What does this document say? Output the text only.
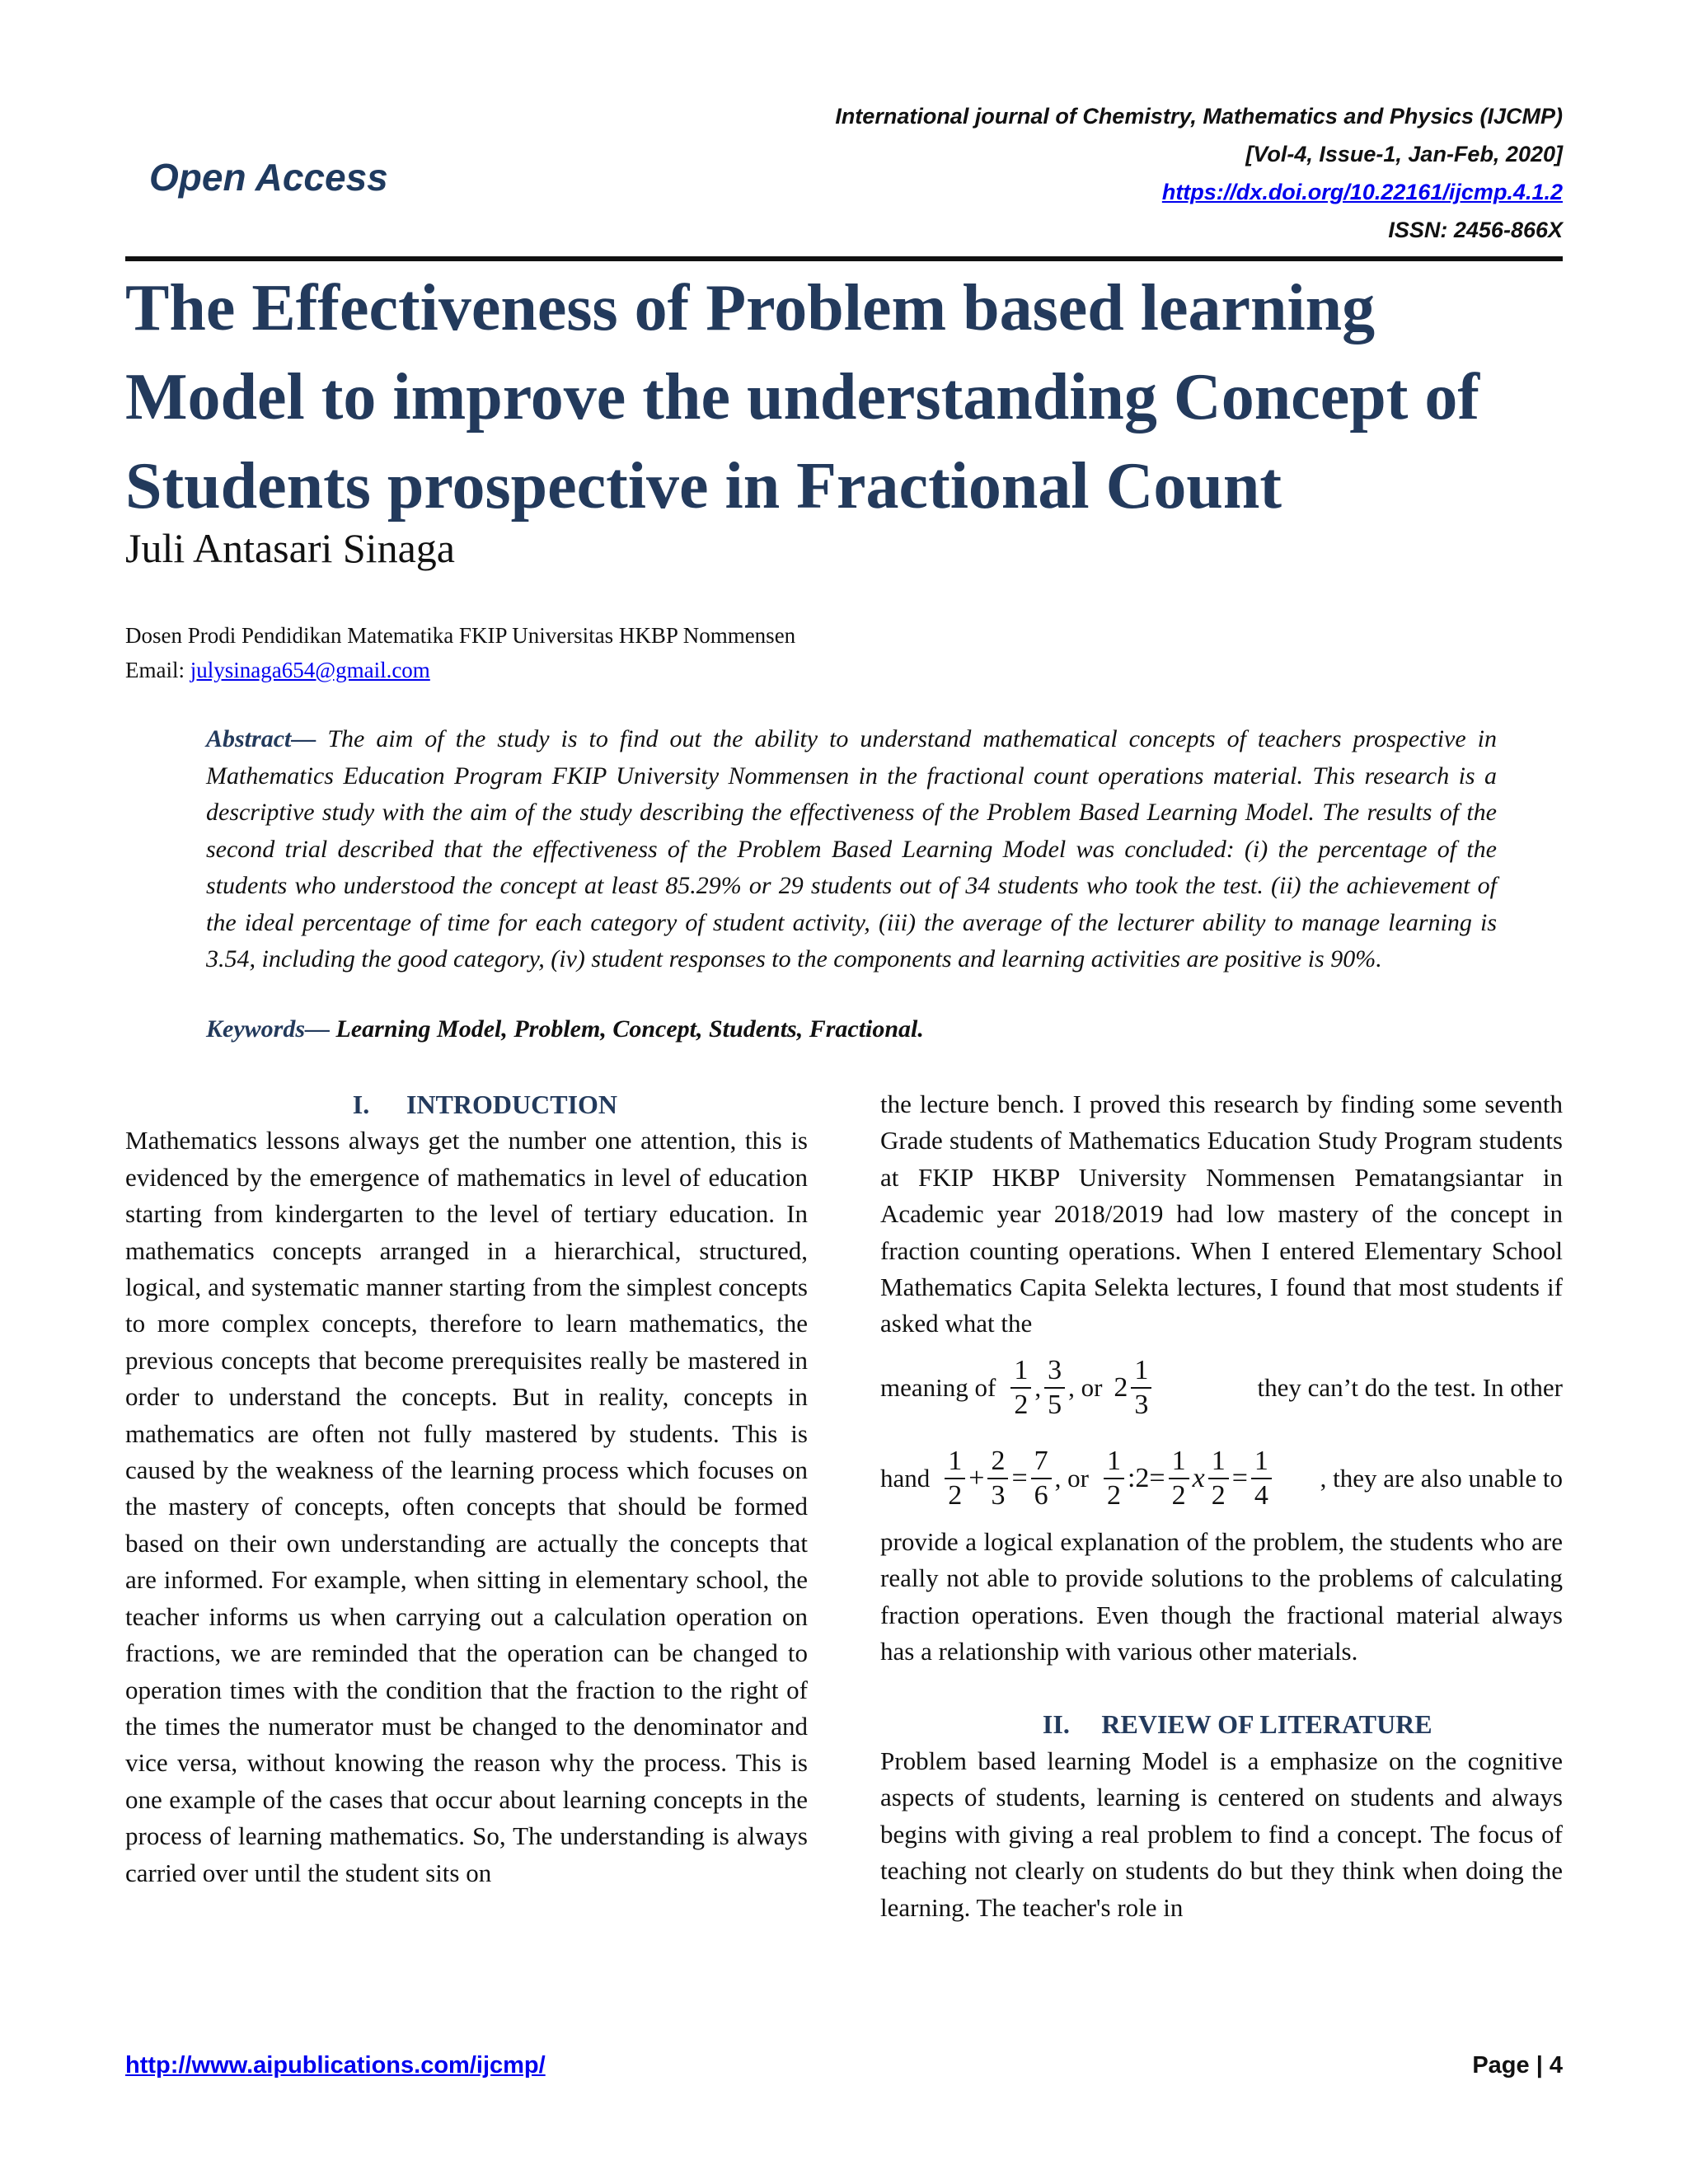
International journal of Chemistry, Mathematics and Physics (IJCMP)
[Vol-4, Issue-1, Jan-Feb, 2020]
https://dx.doi.org/10.22161/ijcmp.4.1.2
ISSN: 2456-866X
Open Access
The Effectiveness of Problem based learning Model to improve the understanding Concept of Students prospective in Fractional Count
Juli Antasari Sinaga
Dosen Prodi Pendidikan Matematika FKIP Universitas HKBP Nommensen
Email: julysinaga654@gmail.com
Abstract— The aim of the study is to find out the ability to understand mathematical concepts of teachers prospective in Mathematics Education Program FKIP University Nommensen in the fractional count operations material. This research is a descriptive study with the aim of the study describing the effectiveness of the Problem Based Learning Model. The results of the second trial described that the effectiveness of the Problem Based Learning Model was concluded: (i) the percentage of the students who understood the concept at least 85.29% or 29 students out of 34 students who took the test. (ii) the achievement of the ideal percentage of time for each category of student activity, (iii) the average of the lecturer ability to manage learning is 3.54, including the good category, (iv) student responses to the components and learning activities are positive is 90%.
Keywords— Learning Model, Problem, Concept, Students, Fractional.
I. INTRODUCTION

Mathematics lessons always get the number one attention, this is evidenced by the emergence of mathematics in level of education starting from kindergarten to the level of tertiary education. In mathematics concepts arranged in a hierarchical, structured, logical, and systematic manner starting from the simplest concepts to more complex concepts, therefore to learn mathematics, the previous concepts that become prerequisites really be mastered in order to understand the concepts. But in reality, concepts in mathematics are often not fully mastered by students. This is caused by the weakness of the learning process which focuses on the mastery of concepts, often concepts that should be formed based on their own understanding are actually the concepts that are informed. For example, when sitting in elementary school, the teacher informs us when carrying out a calculation operation on fractions, we are reminded that the operation can be changed to operation times with the condition that the fraction to the right of the times the numerator must be changed to the denominator and vice versa, without knowing the reason why the process. This is one example of the cases that occur about learning concepts in the process of learning mathematics. So, The understanding is always carried over until the student sits on

the lecture bench. I proved this research by finding some seventh Grade students of Mathematics Education Study Program students at FKIP HKBP University Nommensen Pematangsiantar in Academic year 2018/2019 had low mastery of the concept in fraction counting operations. When I entered Elementary School Mathematics Capita Selekta lectures, I found that most students if asked what the

meaning of $\frac{1}{2}$ , $\frac{3}{5}$ , or $2 \frac{1}{3}$	they can’t do the test. In other
hand $\frac{1}{2} + \frac{2}{3} = \frac{7}{6}$ , or $\frac{1}{2}$ :2= $\frac{1}{2}$ x $\frac{1}{2} = \frac{1}{4}$ , they are also unable to

provide a logical explanation of the problem, the students who are really not able to provide solutions to the problems of calculating fraction operations. Even though the fractional material always has a relationship with various other materials.

II. REVIEW OF LITERATURE

Problem based learning Model is a emphasize on the cognitive aspects of students, learning is centered on students and always begins with giving a real problem to find a concept. The focus of teaching not clearly on students do but they think when doing the learning. The teacher's role in

http://www.aipublications.com/ijcmp/	Page | 4
